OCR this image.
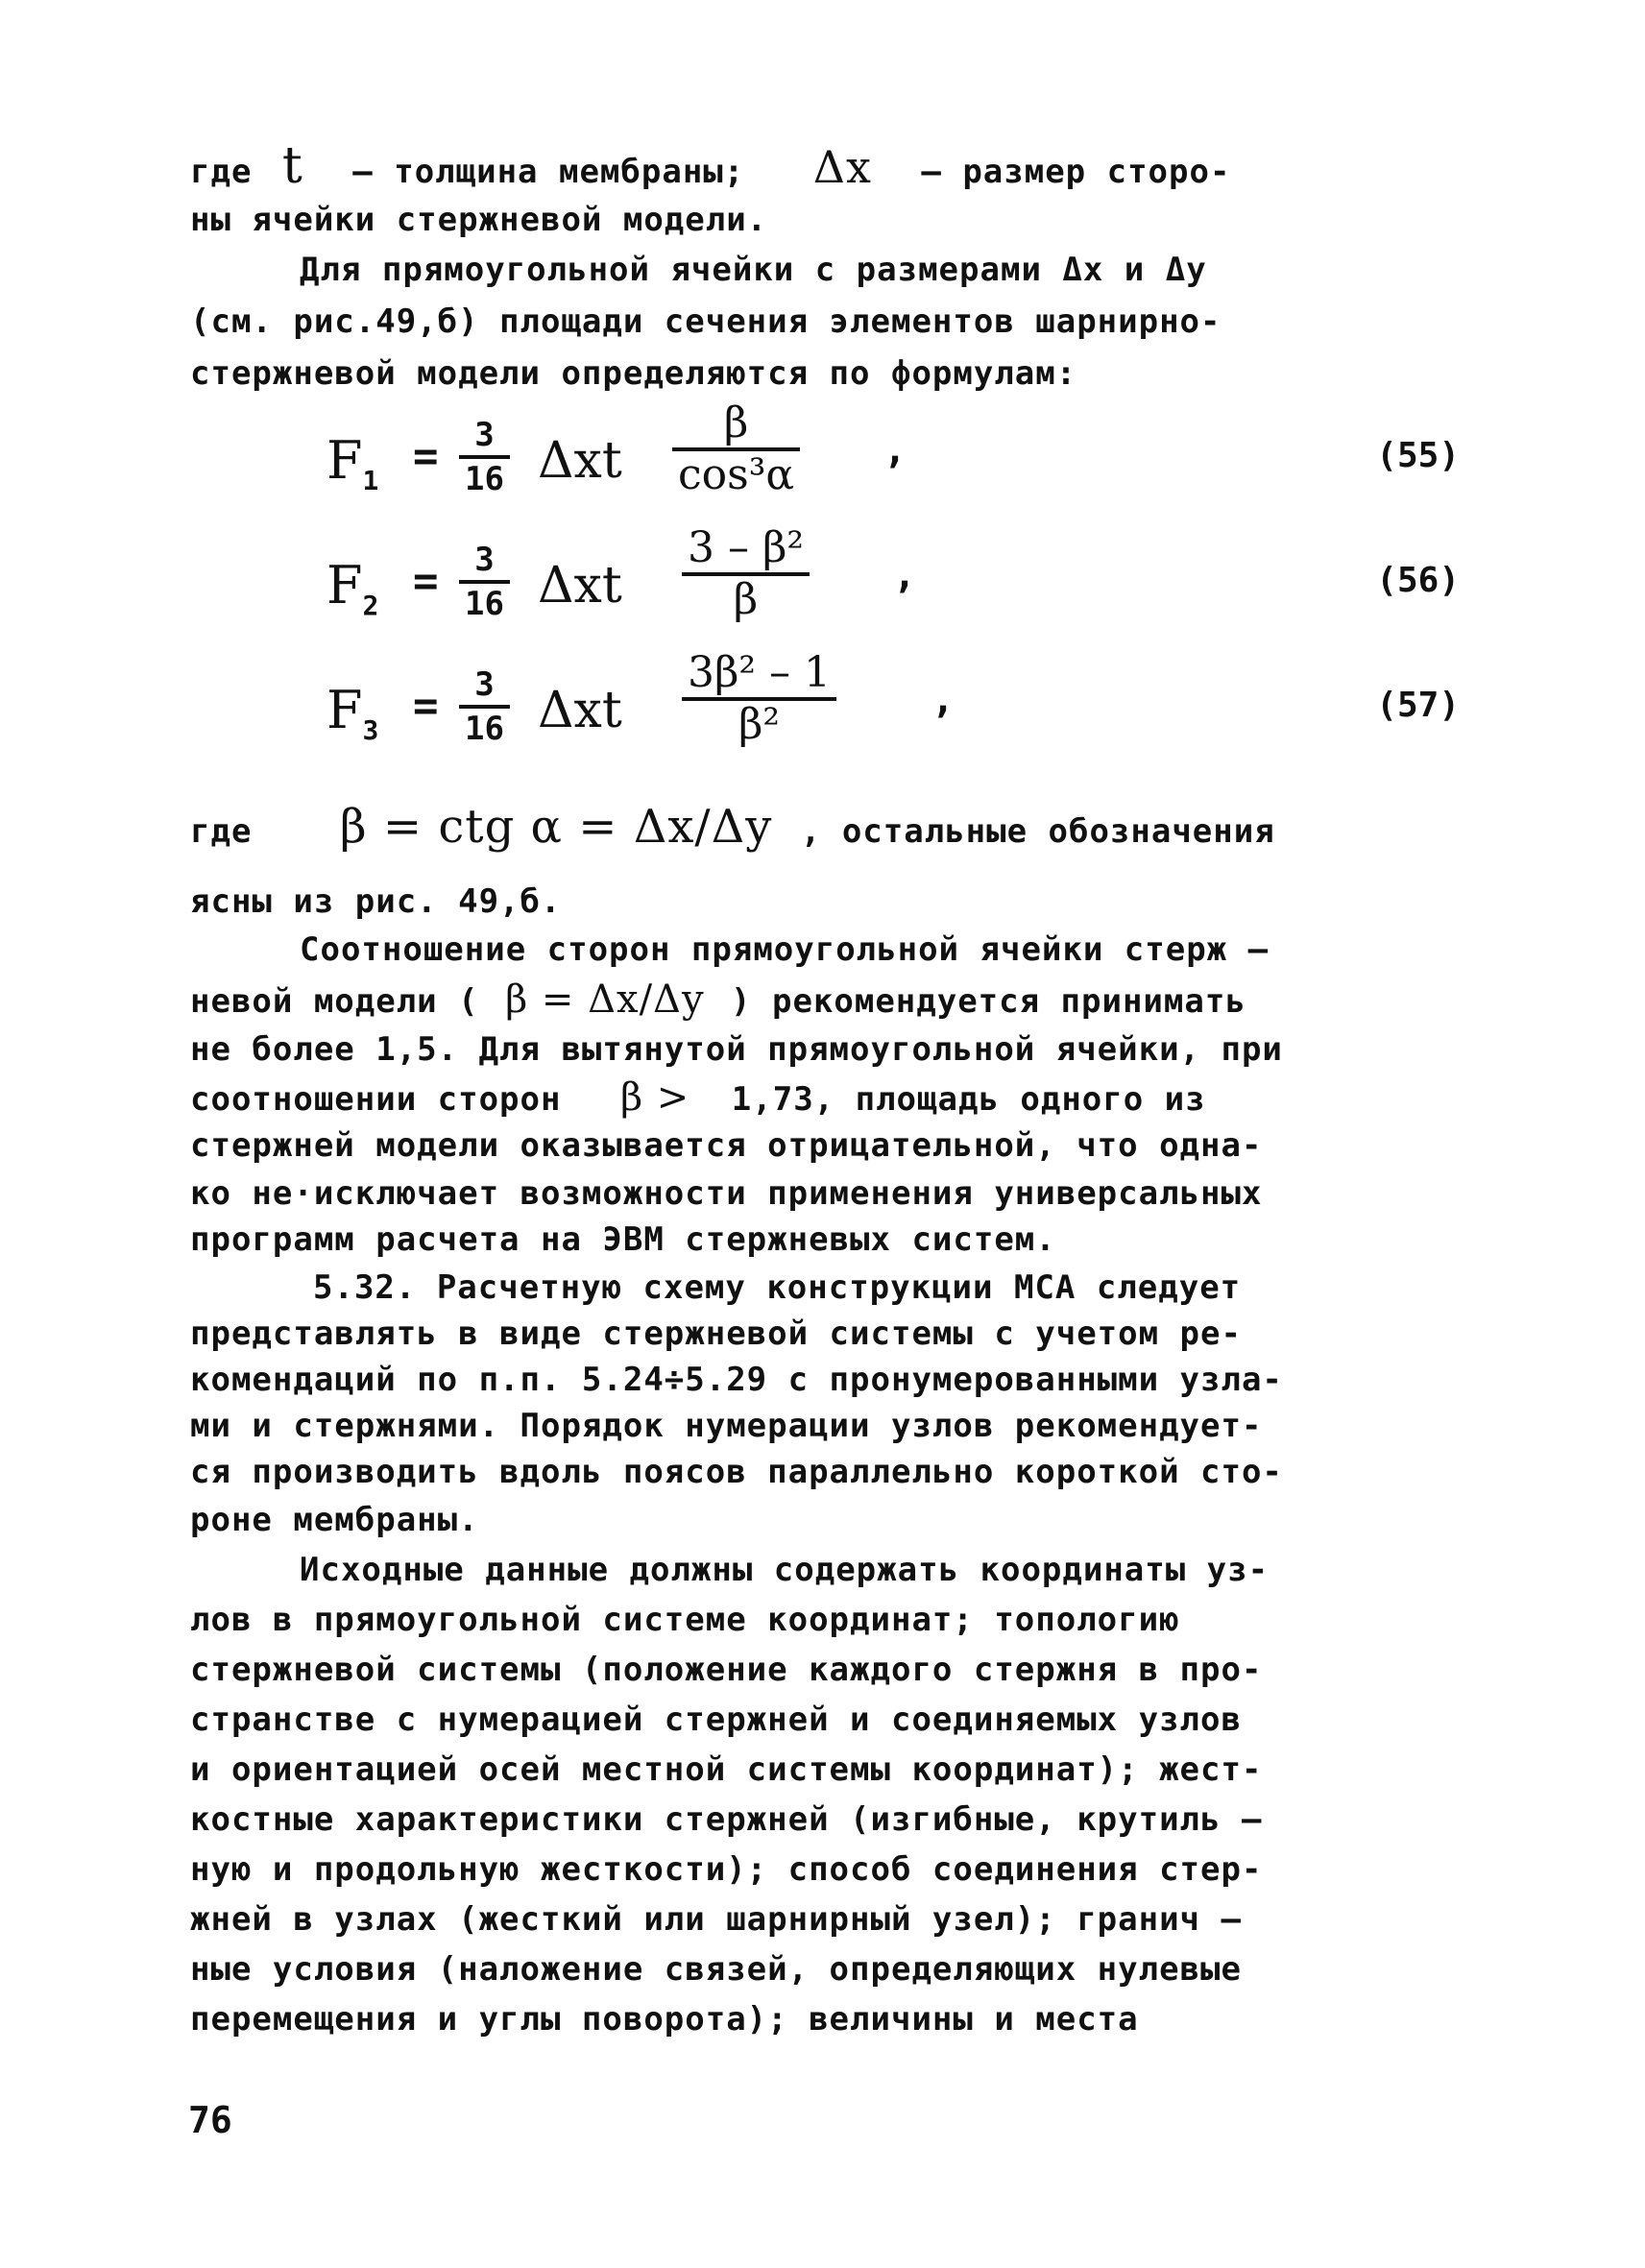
где t – толщина мембраны; Δx – размер сторо-
ны ячейки стержневой модели.
Для прямоугольной ячейки с размерами Δx и Δy
(см. рис.49,б) площади сечения элементов шарнирно-
стержневой модели определяются по формулам:
$F_1 = 3$
16 Δxt
β
cos³α ,	(55)
$F_2 = 3$
16 Δxt
3 – β²
β	,	(56)
$F_3 = 3$
16 Δxt
3β² – 1
β²	,	(57)
где β = ctg α = Δx/Δy , остальные обозначения
ясны из рис. 49,б.
Соотношение сторон прямоугольной ячейки стерж –
невой модели ( β = Δx/Δy ) рекомендуется принимать
не более 1,5. Для вытянутой прямоугольной ячейки, при
соотношении сторон β > 1,73, площадь одного из
стержней модели оказывается отрицательной, что одна-
ко не·исключает возможности применения универсальных
программ расчета на ЭВМ стержневых систем.
5.32. Расчетную схему конструкции МСА следует
представлять в виде стержневой системы с учетом ре-
комендаций по п.п. 5.24÷5.29 с пронумерованными узла-
ми и стержнями. Порядок нумерации узлов рекомендует-
ся производить вдоль поясов параллельно короткой сто-
роне мембраны.
Исходные данные должны содержать координаты уз-
лов в прямоугольной системе координат; топологию
стержневой системы (положение каждого стержня в про-
странстве с нумерацией стержней и соединяемых узлов
и ориентацией осей местной системы координат); жест-
костные характеристики стержней (изгибные, крутиль –
ную и продольную жесткости); способ соединения стер-
жней в узлах (жесткий или шарнирный узел); гранич –
ные условия (наложение связей, определяющих нулевые
перемещения и углы поворота); величины и места
76
